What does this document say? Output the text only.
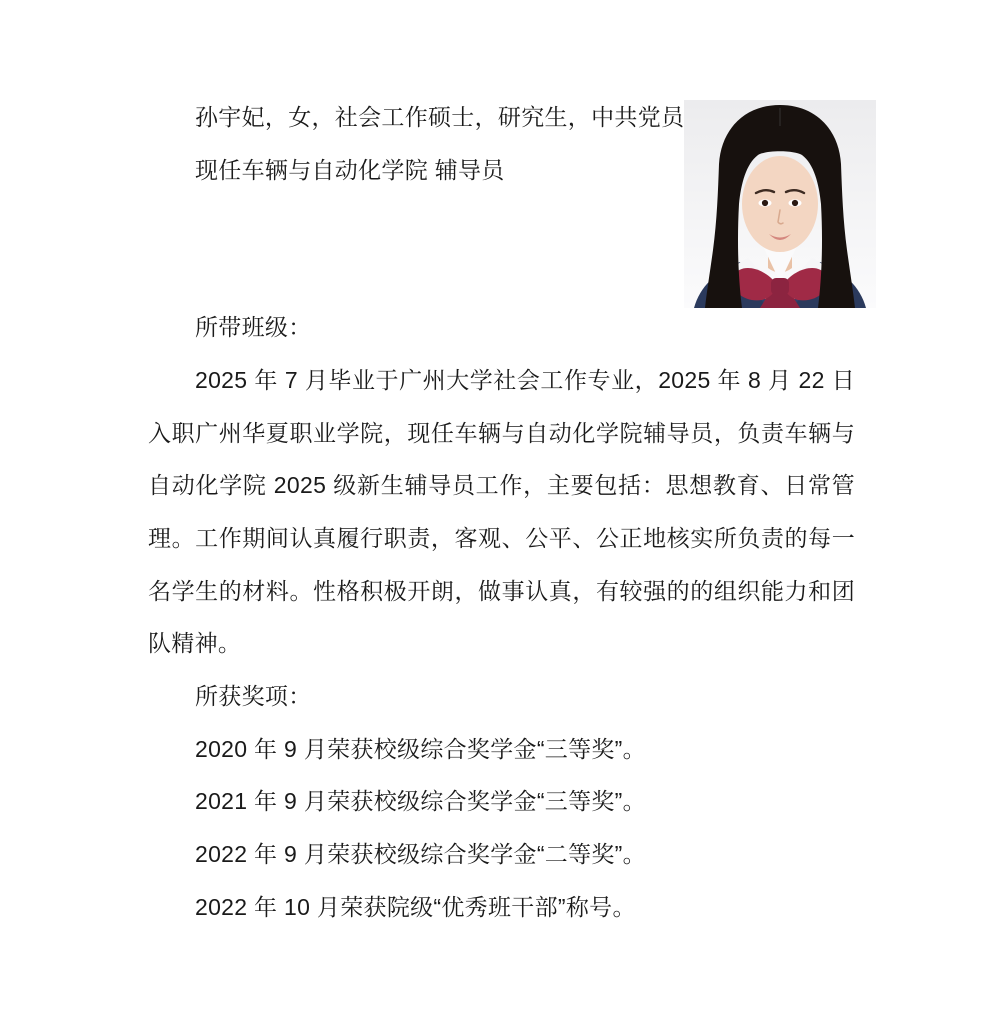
孙宇妃，女，社会工作硕士，研究生，中共党员

现任车辆与自动化学院 辅导员

所带班级：

2025 年 7 月毕业于广州大学社会工作专业，2025 年 8 月 22 日入职广州华夏职业学院，现任车辆与自动化学院辅导员，负责车辆与自动化学院 2025 级新生辅导员工作，主要包括：思想教育、日常管理。工作期间认真履行职责，客观、公平、公正地核实所负责的每一名学生的材料。性格积极开朗，做事认真，有较强的的组织能力和团队精神。

所获奖项：

2020 年 9 月荣获校级综合奖学金“三等奖”。

2021 年 9 月荣获校级综合奖学金“三等奖”。

2022 年 9 月荣获校级综合奖学金“二等奖”。

2022 年 10 月荣获院级“优秀班干部”称号。
